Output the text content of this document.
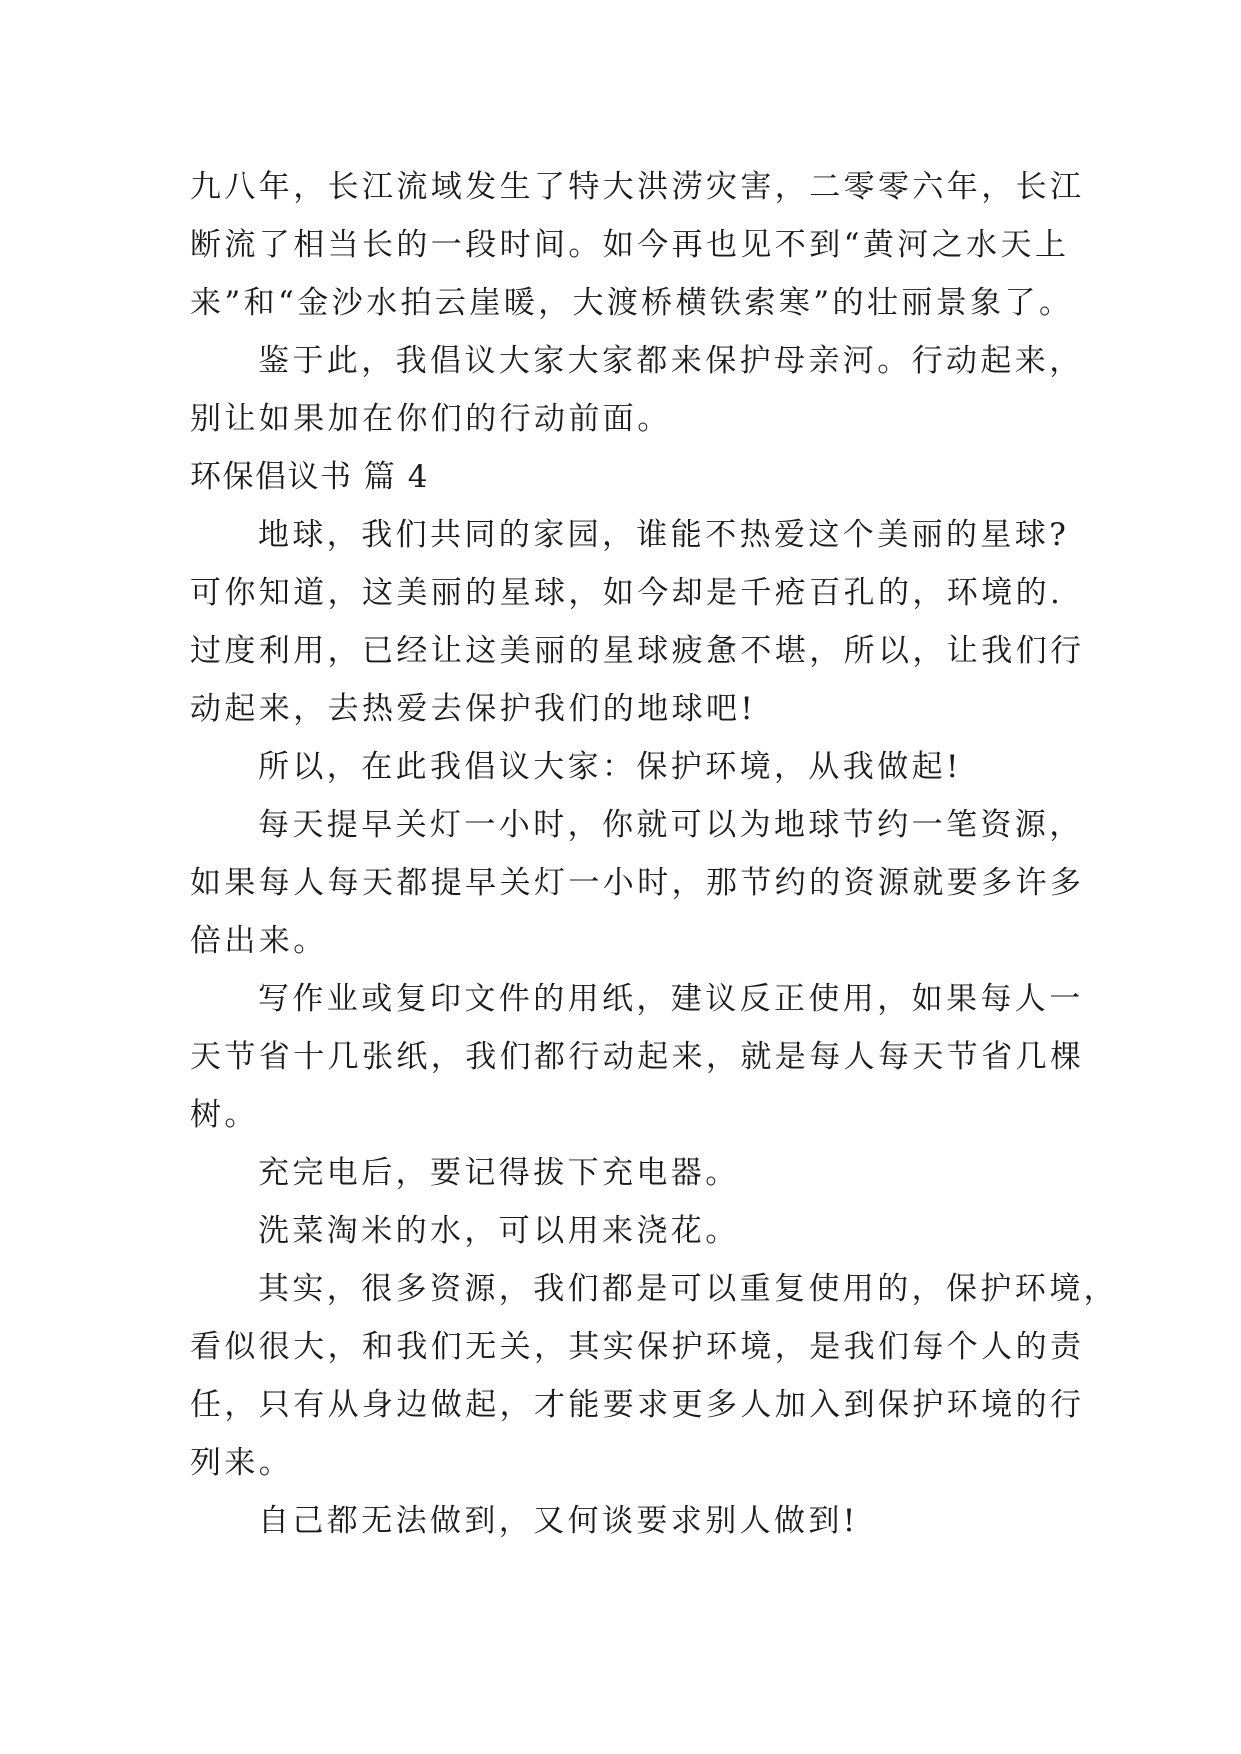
九八年，长江流域发生了特大洪涝灾害，二零零六年，长江
断流了相当长的一段时间。如今再也见不到“黄河之水天上
来”和“金沙水拍云崖暖，大渡桥横铁索寒”的壮丽景象了。
鉴于此，我倡议大家大家都来保护母亲河。行动起来，
别让如果加在你们的行动前面。
环保倡议书 篇 4
地球，我们共同的家园，谁能不热爱这个美丽的星球?
可你知道，这美丽的星球，如今却是千疮百孔的，环境的.
过度利用，已经让这美丽的星球疲惫不堪，所以，让我们行
动起来，去热爱去保护我们的地球吧!
所以，在此我倡议大家：保护环境，从我做起!
每天提早关灯一小时，你就可以为地球节约一笔资源，
如果每人每天都提早关灯一小时，那节约的资源就要多许多
倍出来。
写作业或复印文件的用纸，建议反正使用，如果每人一
天节省十几张纸，我们都行动起来，就是每人每天节省几棵
树。
充完电后，要记得拔下充电器。
洗菜淘米的水，可以用来浇花。
其实，很多资源，我们都是可以重复使用的，保护环境，
看似很大，和我们无关，其实保护环境，是我们每个人的责
任，只有从身边做起，才能要求更多人加入到保护环境的行
列来。
自己都无法做到，又何谈要求别人做到!
